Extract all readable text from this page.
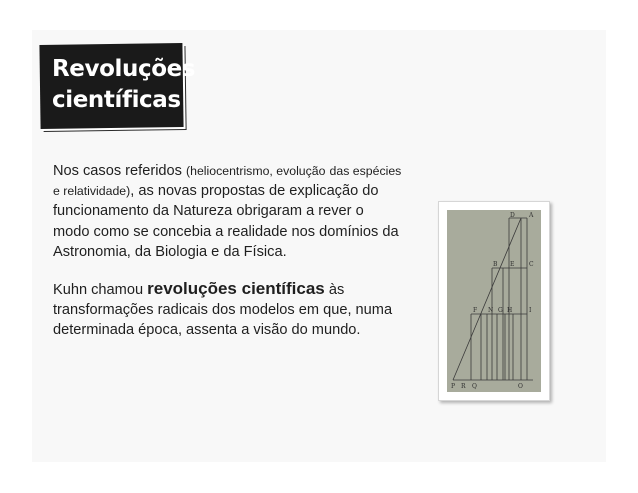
Revoluções
científicas

Nos casos referidos (heliocentrismo, evolução das espécies e relatividade), as novas propostas de explicação do funcionamento da Natureza obrigaram a rever o modo como se concebia a realidade nos domínios da Astronomia, da Biologia e da Física.

Kuhn chamou revoluções científicas às transformações radicais dos modelos em que, numa determinada época, assenta a visão do mundo.

D A
B E C
F N G H	I
P R Q	O
